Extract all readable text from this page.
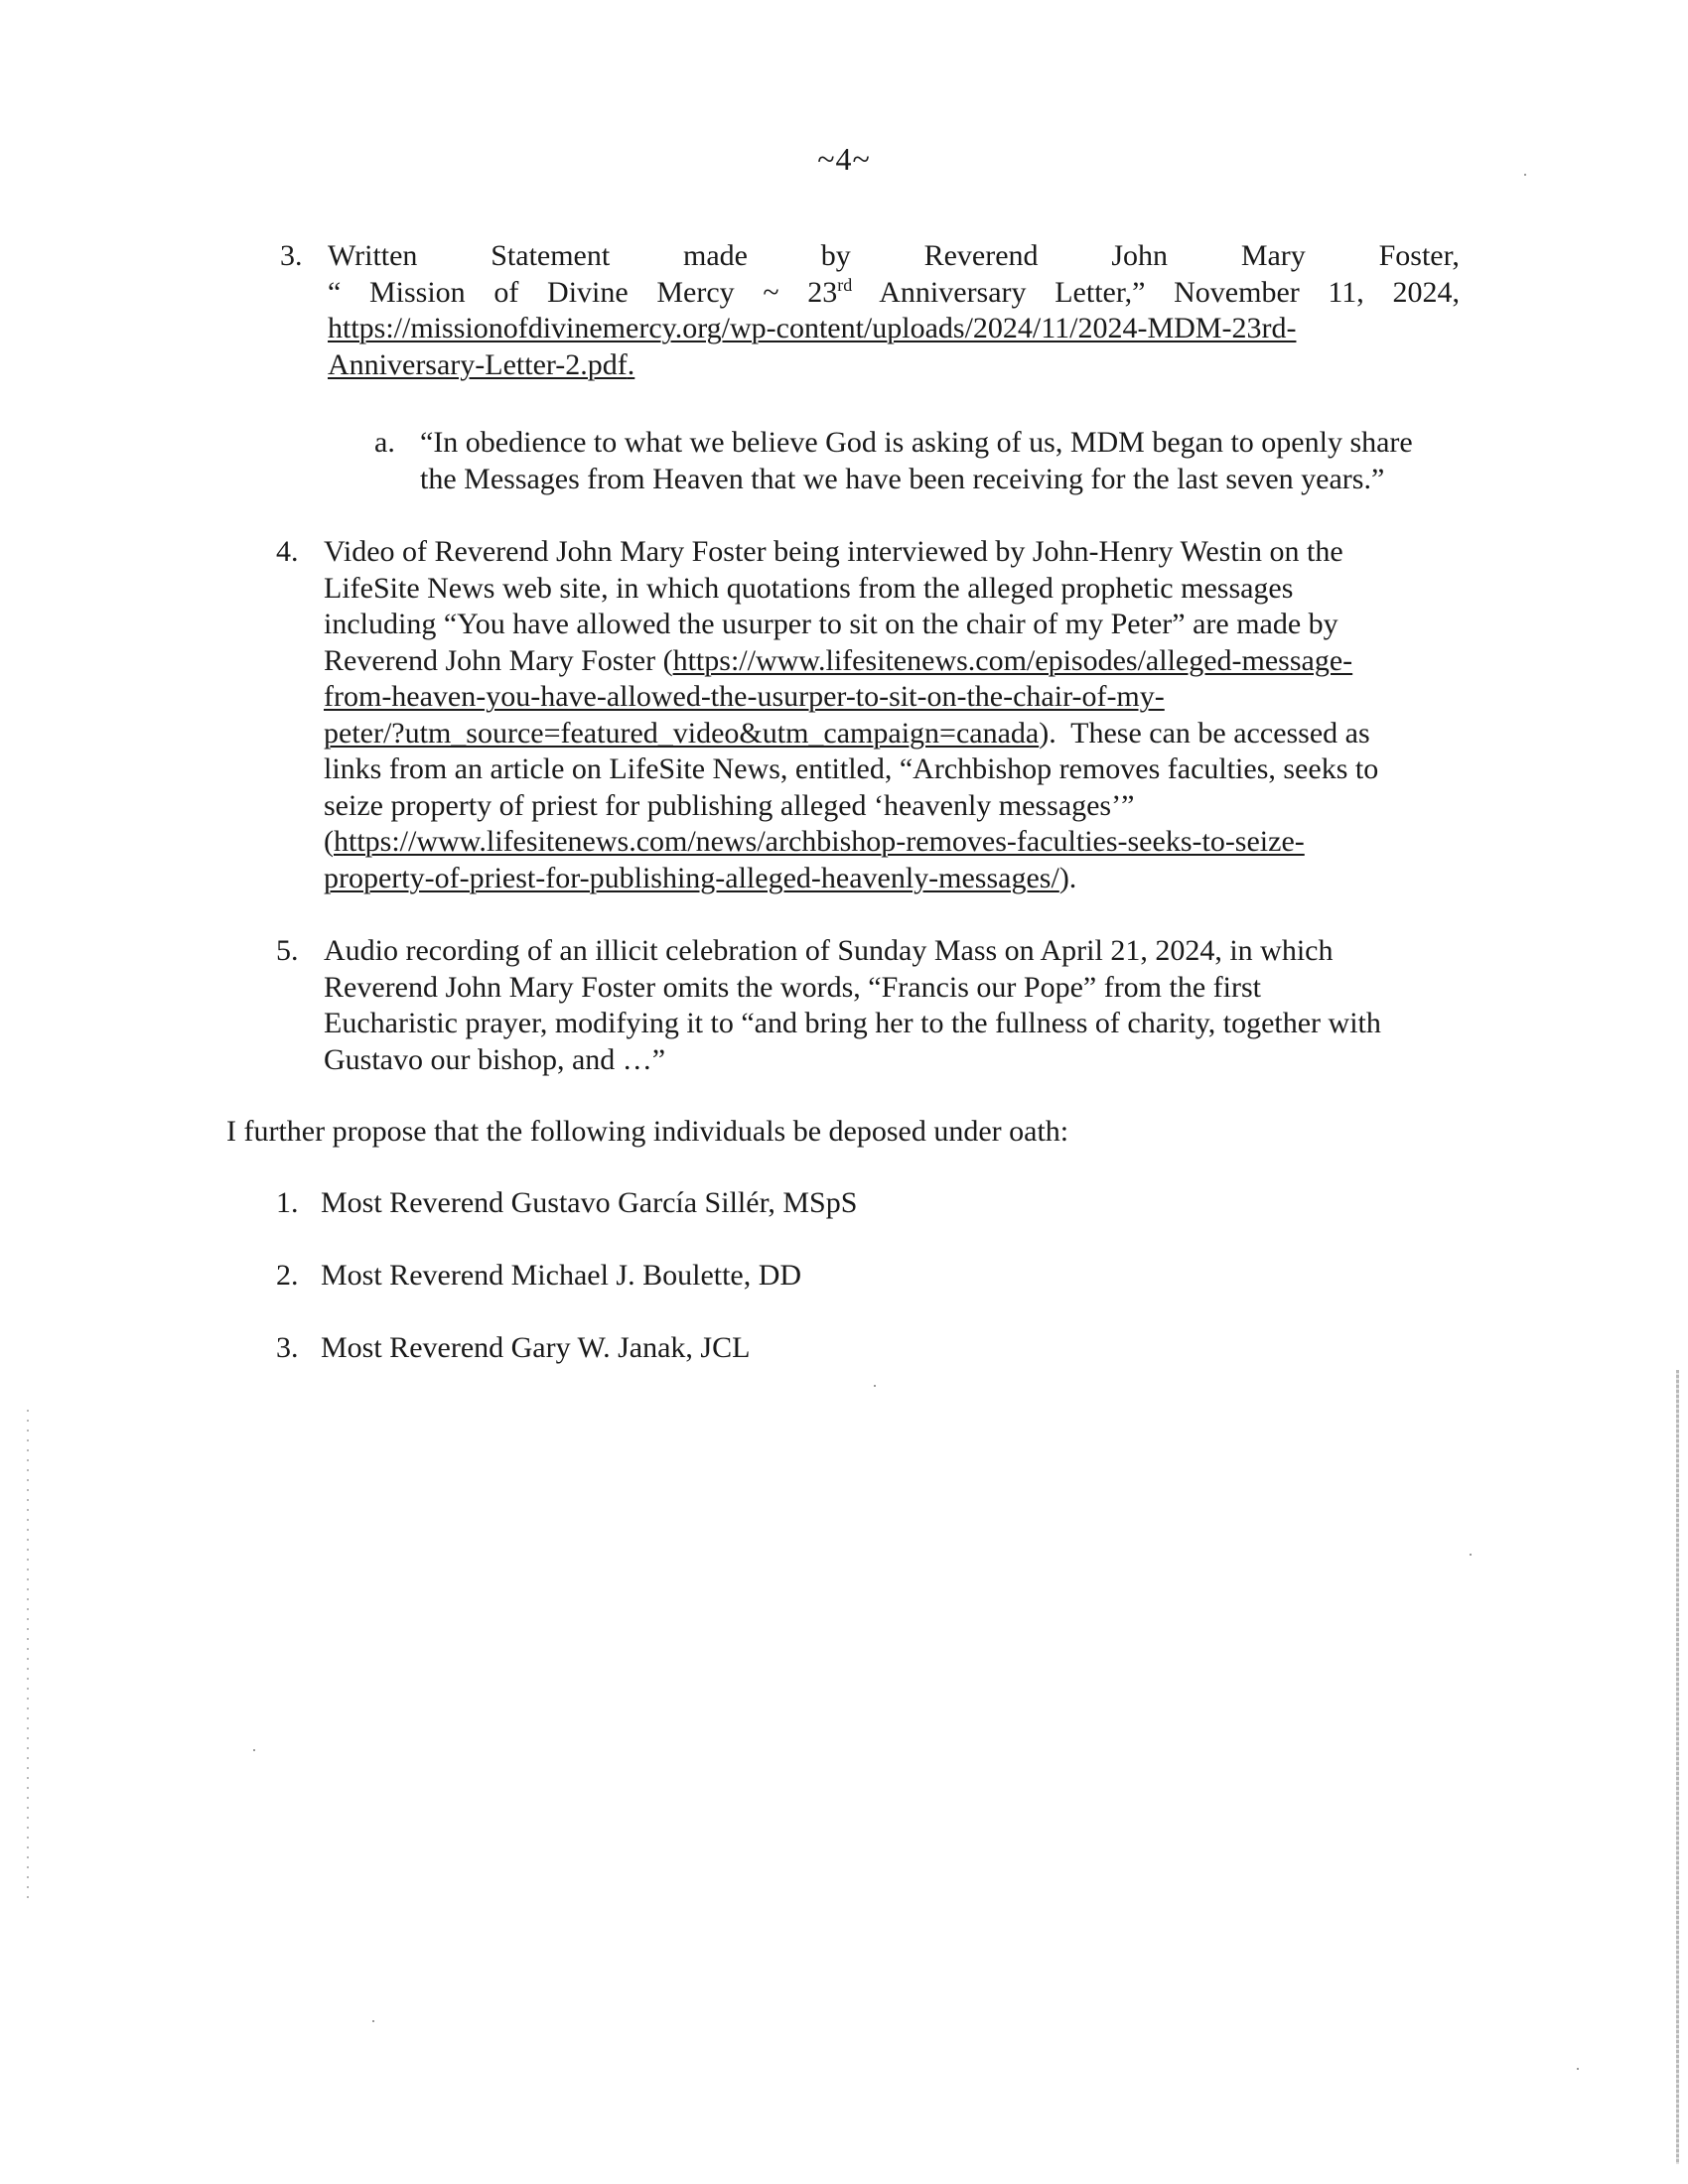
~4~
3. Written Statement made by Reverend John Mary Foster,
“ Mission of Divine Mercy ~ 23rd Anniversary Letter,” November 11, 2024,
https://missionofdivinemercy.org/wp-content/uploads/2024/11/2024-MDM-23rd-
Anniversary-Letter-2.pdf.
a. “In obedience to what we believe God is asking of us, MDM began to openly share
the Messages from Heaven that we have been receiving for the last seven years.”
4. Video of Reverend John Mary Foster being interviewed by John-Henry Westin on the
LifeSite News web site, in which quotations from the alleged prophetic messages
including “You have allowed the usurper to sit on the chair of my Peter” are made by
Reverend John Mary Foster (https://www.lifesitenews.com/episodes/alleged-message-
from-heaven-you-have-allowed-the-usurper-to-sit-on-the-chair-of-my-
peter/?utm_source=featured_video&utm_campaign=canada).  These can be accessed as
links from an article on LifeSite News, entitled, “Archbishop removes faculties, seeks to
seize property of priest for publishing alleged ‘heavenly messages’”
(https://www.lifesitenews.com/news/archbishop-removes-faculties-seeks-to-seize-
property-of-priest-for-publishing-alleged-heavenly-messages/).
5. Audio recording of an illicit celebration of Sunday Mass on April 21, 2024, in which
Reverend John Mary Foster omits the words, “Francis our Pope” from the first
Eucharistic prayer, modifying it to “and bring her to the fullness of charity, together with
Gustavo our bishop, and …”
I further propose that the following individuals be deposed under oath:
1. Most Reverend Gustavo García Sillér, MSpS
2. Most Reverend Michael J. Boulette, DD
3. Most Reverend Gary W. Janak, JCL
